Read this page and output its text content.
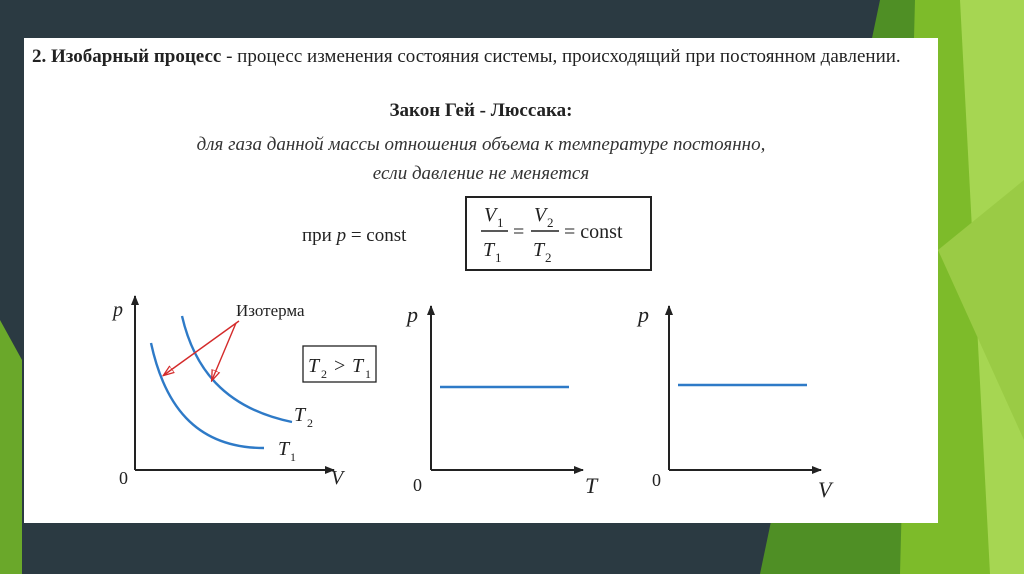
2. Изобарный процесс - процесс изменения состояния системы, происходящий при постоянном давлении.
Закон Гей - Люссака:
для газа данной массы отношения объема к температуре постоянно,
если давление не меняется
при p = const
V 1
T 1
=
V 2
T 2
= const
p
V
0
T 2
T 1
Изотерма
T 2 > T 1
p
T
0
p
V
0
